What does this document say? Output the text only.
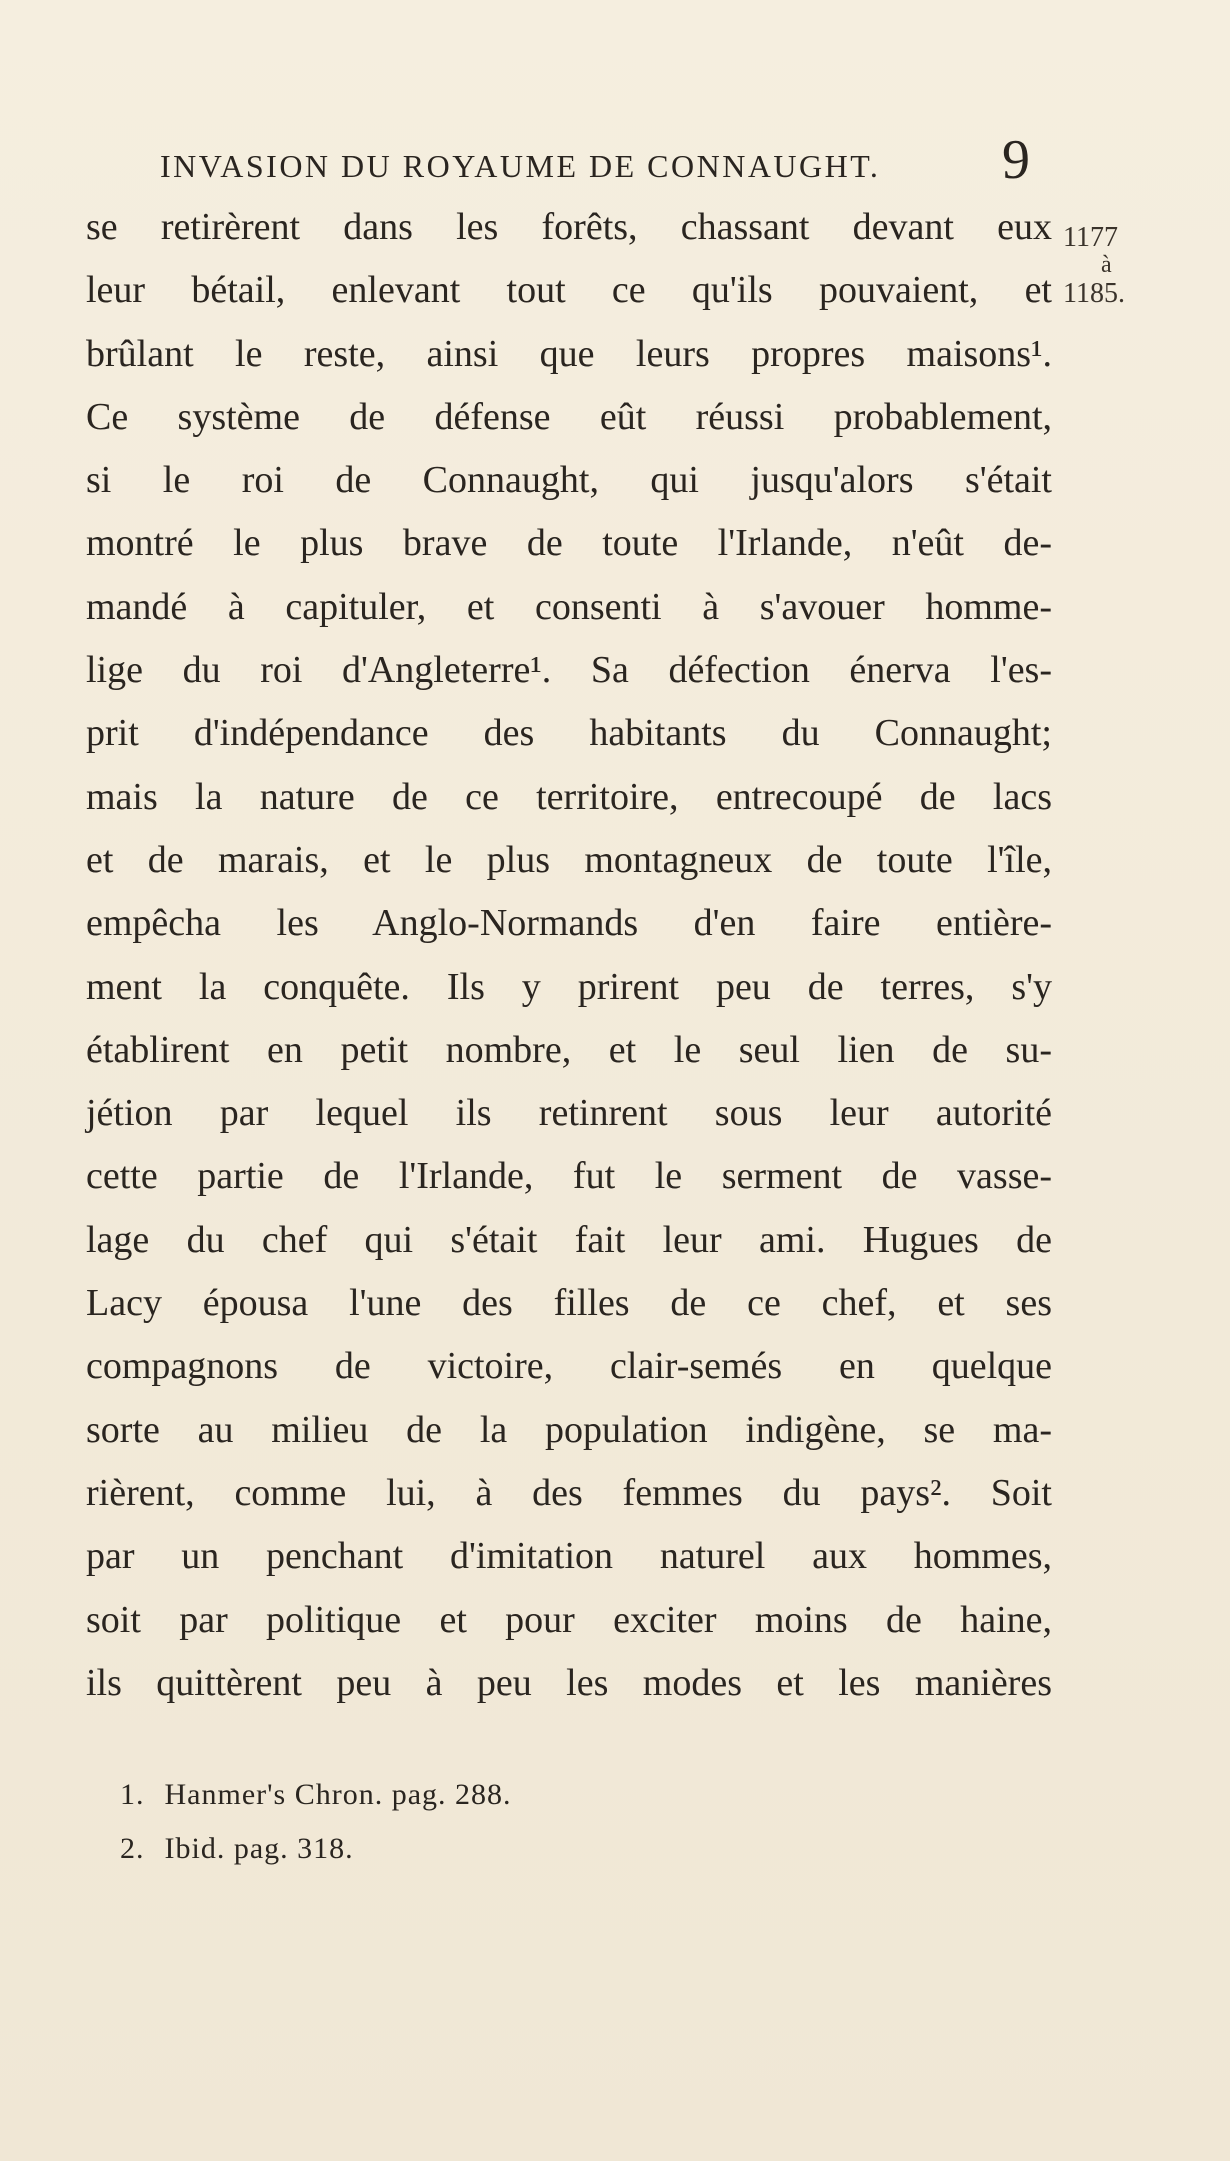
INVASION DU ROYAUME DE CONNAUGHT. 9
1177
à
1185.
se retirèrent dans les forêts, chassant devant eux
leur bétail, enlevant tout ce qu'ils pouvaient, et
brûlant le reste, ainsi que leurs propres maisons¹.
Ce système de défense eût réussi probablement,
si le roi de Connaught, qui jusqu'alors s'était
montré le plus brave de toute l'Irlande, n'eût de-
mandé à capituler, et consenti à s'avouer homme-
lige du roi d'Angleterre¹. Sa défection énerva l'es-
prit d'indépendance des habitants du Connaught;
mais la nature de ce territoire, entrecoupé de lacs
et de marais, et le plus montagneux de toute l'île,
empêcha les Anglo-Normands d'en faire entière-
ment la conquête. Ils y prirent peu de terres, s'y
établirent en petit nombre, et le seul lien de su-
jétion par lequel ils retinrent sous leur autorité
cette partie de l'Irlande, fut le serment de vasse-
lage du chef qui s'était fait leur ami. Hugues de
Lacy épousa l'une des filles de ce chef, et ses
compagnons de victoire, clair-semés en quelque
sorte au milieu de la population indigène, se ma-
rièrent, comme lui, à des femmes du pays². Soit
par un penchant d'imitation naturel aux hommes,
soit par politique et pour exciter moins de haine,
ils quittèrent peu à peu les modes et les manières
1. Hanmer's Chron. pag. 288.
2. Ibid. pag. 318.
